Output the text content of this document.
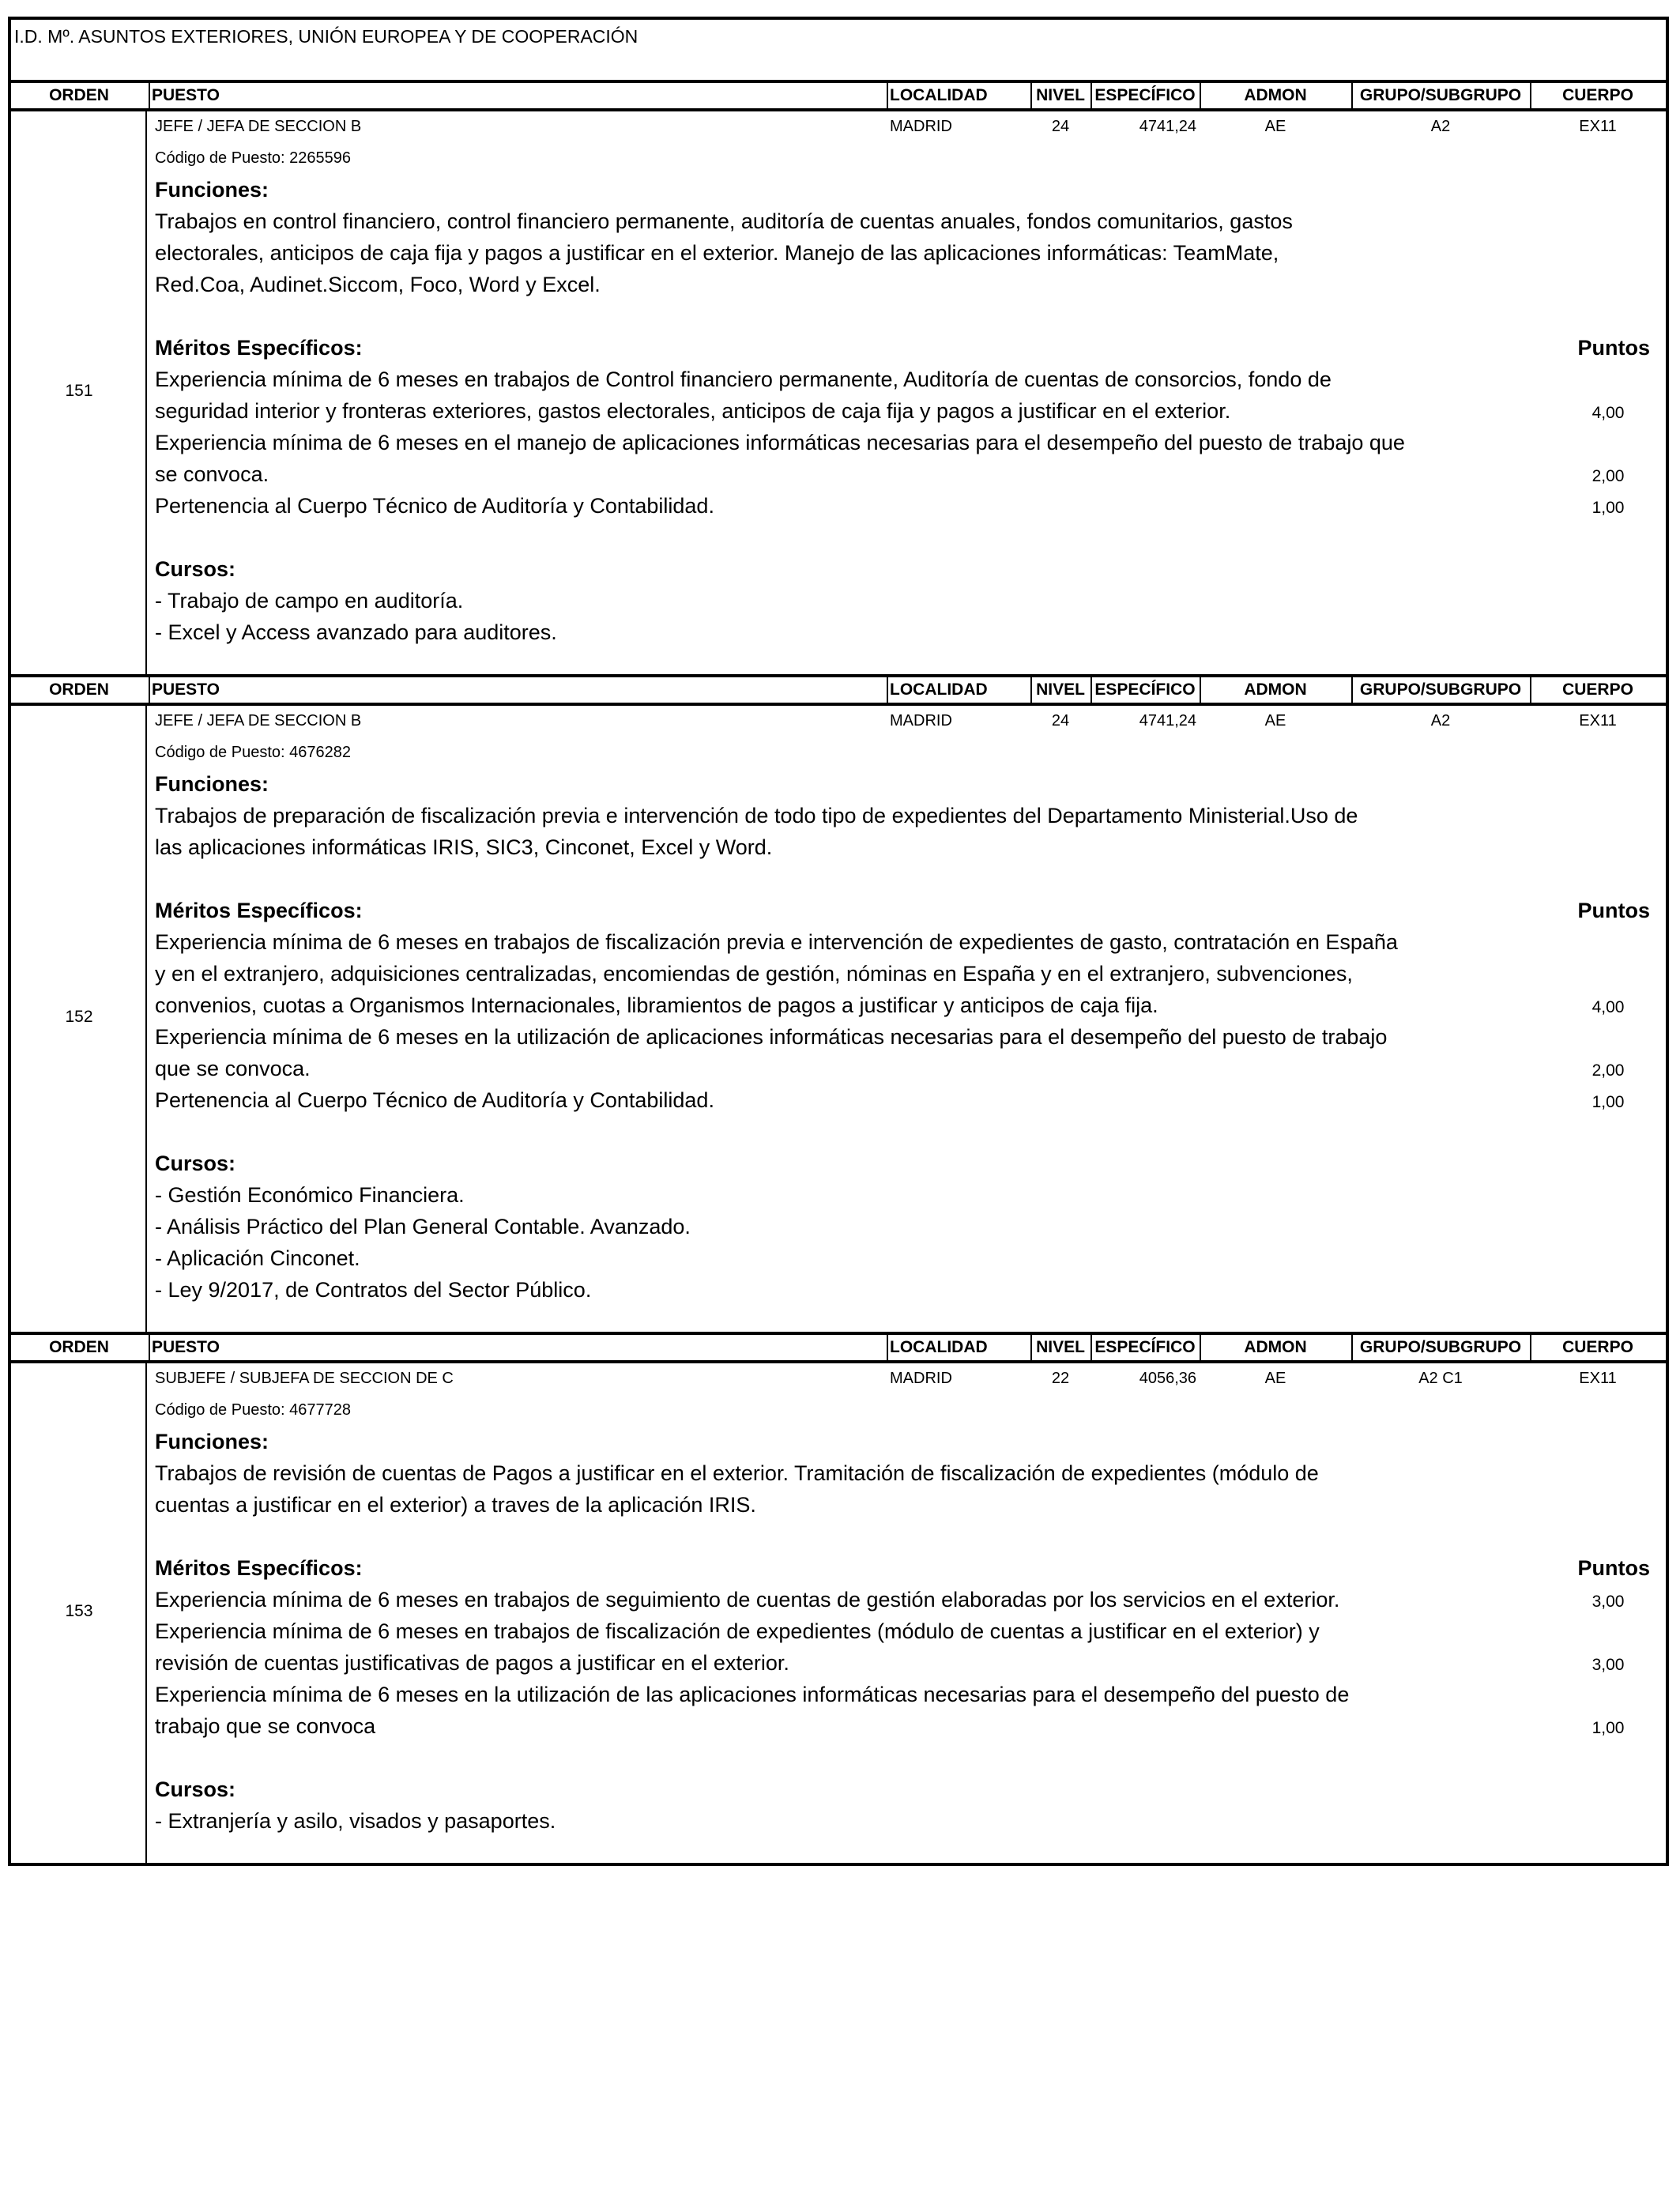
I.D. Mº. ASUNTOS EXTERIORES, UNIÓN EUROPEA Y DE COOPERACIÓN
ORDEN	PUESTO	LOCALIDAD	NIVEL ESPECÍFICO	ADMON	GRUPO/SUBGRUPO	CUERPO
151
JEFE / JEFA DE SECCION B	MADRID	24	4741,24	AE	A2	EX11
Código de Puesto: 2265596
Funciones:
Trabajos en control financiero, control financiero permanente, auditoría de cuentas anuales, fondos comunitarios, gastos
electorales, anticipos de caja fija y pagos a justificar en el exterior. Manejo de las aplicaciones informáticas: TeamMate,
Red.Coa, Audinet.Siccom, Foco, Word y Excel.
Méritos Específicos:	Puntos
Experiencia mínima de 6 meses en trabajos de Control financiero permanente, Auditoría de cuentas de consorcios, fondo de
seguridad interior y fronteras exteriores, gastos electorales, anticipos de caja fija y pagos a justificar en el exterior.	4,00
Experiencia mínima de 6 meses en el manejo de aplicaciones informáticas necesarias para el desempeño del puesto de trabajo que
se convoca.	2,00
Pertenencia al Cuerpo Técnico de Auditoría y Contabilidad.	1,00
Cursos:
- Trabajo de campo en auditoría.
- Excel y Access avanzado para auditores.
ORDEN	PUESTO	LOCALIDAD	NIVEL ESPECÍFICO	ADMON	GRUPO/SUBGRUPO	CUERPO
152
JEFE / JEFA DE SECCION B	MADRID	24	4741,24	AE	A2	EX11
Código de Puesto: 4676282
Funciones:
Trabajos de preparación de fiscalización previa e intervención de todo tipo de expedientes del Departamento Ministerial.Uso de
las aplicaciones informáticas IRIS, SIC3, Cinconet, Excel y Word.
Méritos Específicos:	Puntos
Experiencia mínima de 6 meses en trabajos de fiscalización previa e intervención de expedientes de gasto, contratación en España
y en el extranjero, adquisiciones centralizadas, encomiendas de gestión, nóminas en España y en el extranjero, subvenciones,
convenios, cuotas a Organismos Internacionales, libramientos de pagos a justificar y anticipos de caja fija.	4,00
Experiencia mínima de 6 meses en la utilización de aplicaciones informáticas necesarias para el desempeño del puesto de trabajo
que se convoca.	2,00
Pertenencia al Cuerpo Técnico de Auditoría y Contabilidad.	1,00
Cursos:
- Gestión Económico Financiera.
- Análisis Práctico del Plan General Contable. Avanzado.
- Aplicación Cinconet.
- Ley 9/2017, de Contratos del Sector Público.
ORDEN	PUESTO	LOCALIDAD	NIVEL ESPECÍFICO	ADMON	GRUPO/SUBGRUPO	CUERPO
153
SUBJEFE / SUBJEFA DE SECCION DE C	MADRID	22	4056,36	AE	A2 C1	EX11
Código de Puesto: 4677728
Funciones:
Trabajos de revisión de cuentas de Pagos a justificar en el exterior. Tramitación de fiscalización de expedientes (módulo de
cuentas a justificar en el exterior) a traves de la aplicación IRIS.
Méritos Específicos:	Puntos
Experiencia mínima de 6 meses en trabajos de seguimiento de cuentas de gestión elaboradas por los servicios en el exterior.	3,00
Experiencia mínima de 6 meses en trabajos de fiscalización de expedientes (módulo de cuentas a justificar en el exterior) y
revisión de cuentas justificativas de pagos a justificar en el exterior.	3,00
Experiencia mínima de 6 meses en la utilización de las aplicaciones informáticas necesarias para el desempeño del puesto de
trabajo que se convoca	1,00
Cursos:
- Extranjería y asilo, visados y pasaportes.
